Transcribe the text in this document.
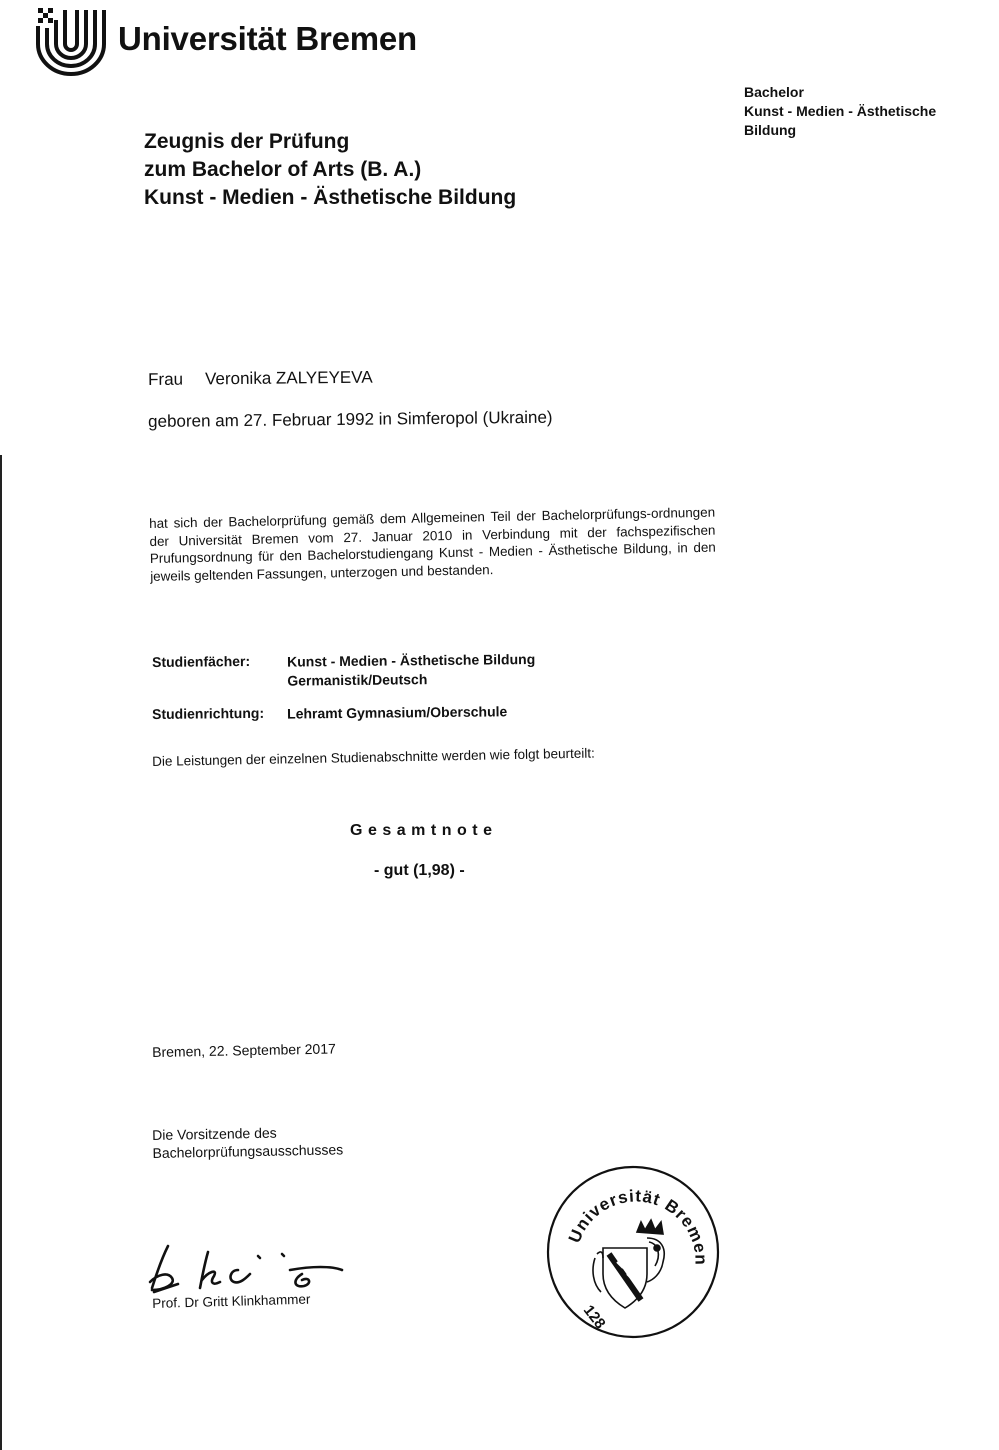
Universität Bremen
Bachelor
Kunst - Medien - Ästhetische
Bildung
Zeugnis der Prüfung
zum Bachelor of Arts (B. A.)
Kunst - Medien - Ästhetische Bildung
Frau Veronika ZALYEYEVA
geboren am 27. Februar 1992 in Simferopol (Ukraine)
hat sich der Bachelorprüfung gemäß dem Allgemeinen Teil der Bachelorprüfungs-ordnungen der Universität Bremen vom 27. Januar 2010 in Verbindung mit der fachspezifischen Prufungsordnung für den Bachelorstudiengang Kunst - Medien - Ästhetische Bildung, in den jeweils geltenden Fassungen, unterzogen und bestanden.
Studienfächer:	Kunst - Medien - Ästhetische Bildung
Germanistik/Deutsch
Studienrichtung: Lehramt Gymnasium/Oberschule
Die Leistungen der einzelnen Studienabschnitte werden wie folgt beurteilt:
Gesamtnote
- gut (1,98) -
Bremen, 22. September 2017
Die Vorsitzende des
Bachelorprüfungsausschusses
Prof. Dr Gritt Klinkhammer
Universität Bremen
128
